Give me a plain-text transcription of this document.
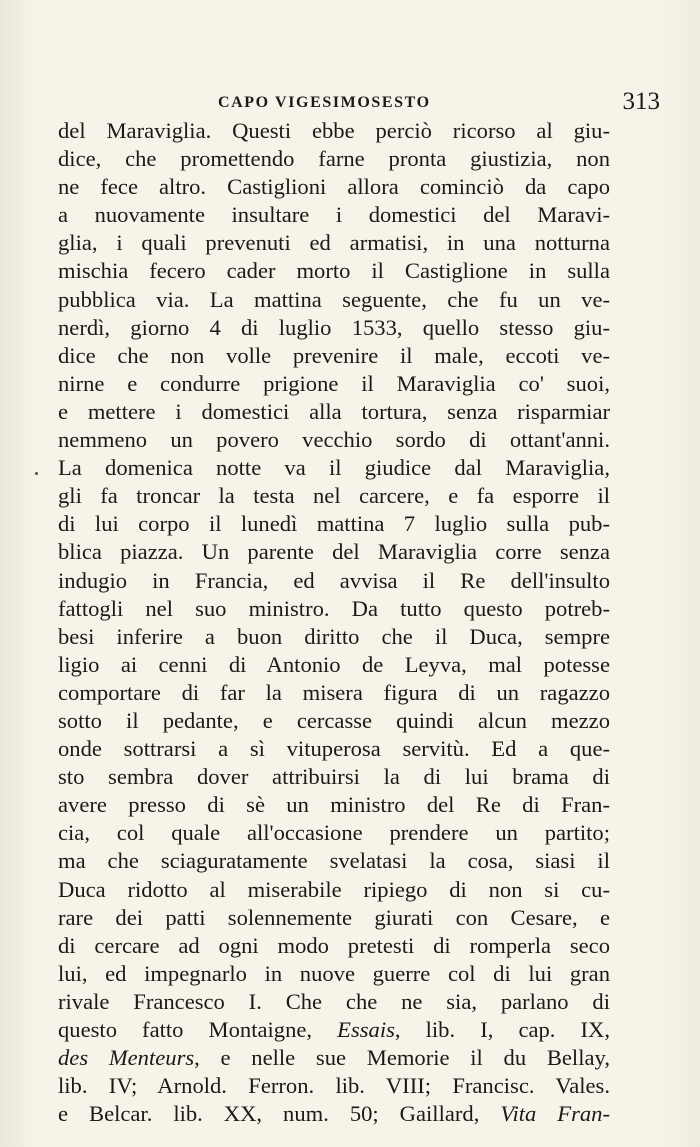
CAPO VIGESIMOSESTO	313
del Maraviglia. Questi ebbe perciò ricorso al giu-
dice, che promettendo farne pronta giustizia, non
ne fece altro. Castiglioni allora cominciò da capo
a nuovamente insultare i domestici del Maravi-
glia, i quali prevenuti ed armatisi, in una notturna
mischia fecero cader morto il Castiglione in sulla
pubblica via. La mattina seguente, che fu un ve-
nerdì, giorno 4 di luglio 1533, quello stesso giu-
dice che non volle prevenire il male, eccoti ve-
nirne e condurre prigione il Maraviglia co' suoi,
e mettere i domestici alla tortura, senza risparmiar
nemmeno un povero vecchio sordo di ottant'anni.
La domenica notte va il giudice dal Maraviglia,
gli fa troncar la testa nel carcere, e fa esporre il
di lui corpo il lunedì mattina 7 luglio sulla pub-
blica piazza. Un parente del Maraviglia corre senza
indugio in Francia, ed avvisa il Re dell'insulto
fattogli nel suo ministro. Da tutto questo potreb-
besi inferire a buon diritto che il Duca, sempre
ligio ai cenni di Antonio de Leyva, mal potesse
comportare di far la misera figura di un ragazzo
sotto il pedante, e cercasse quindi alcun mezzo
onde sottrarsi a sì vituperosa servitù. Ed a que-
sto sembra dover attribuirsi la di lui brama di
avere presso di sè un ministro del Re di Fran-
cia, col quale all'occasione prendere un partito;
ma che sciaguratamente svelatasi la cosa, siasi il
Duca ridotto al miserabile ripiego di non si cu-
rare dei patti solennemente giurati con Cesare, e
di cercare ad ogni modo pretesti di romperla seco
lui, ed impegnarlo in nuove guerre col di lui gran
rivale Francesco I. Che che ne sia, parlano di
questo fatto Montaigne, Essais, lib. I, cap. IX,
des Menteurs, e nelle sue Memorie il du Bellay,
lib. IV; Arnold. Ferron. lib. VIII; Francisc. Vales.
e Belcar. lib. XX, num. 50; Gaillard, Vita Fran-
